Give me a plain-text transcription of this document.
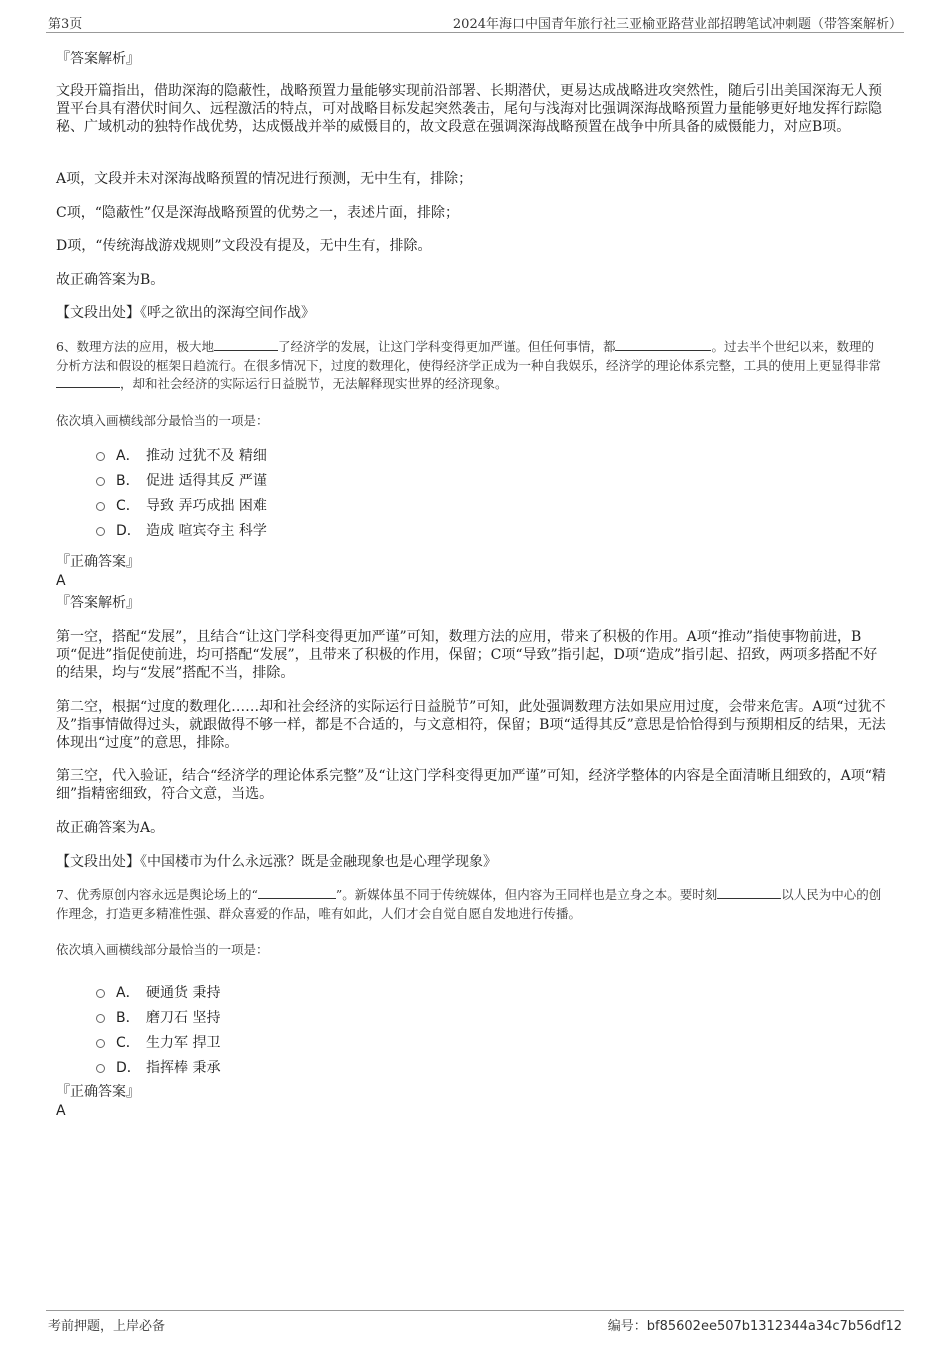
第3页	2024年海口中国青年旅行社三亚榆亚路营业部招聘笔试冲刺题（带答案解析）
『答案解析』

文段开篇指出，借助深海的隐蔽性，战略预置力量能够实现前沿部署、长期潜伏，更易达成战略进攻突然性，随后引出美国深海无人预置平台具有潜伏时间久、远程激活的特点，可对战略目标发起突然袭击，尾句与浅海对比强调深海战略预置力量能够更好地发挥行踪隐秘、广域机动的独特作战优势，达成慑战并举的威慑目的，故文段意在强调深海战略预置在战争中所具备的威慑能力，对应B项。

A项，文段并未对深海战略预置的情况进行预测，无中生有，排除；

C项，“隐蔽性”仅是深海战略预置的优势之一，表述片面，排除；

D项，“传统海战游戏规则”文段没有提及，无中生有，排除。

故正确答案为B。

【文段出处】《呼之欲出的深海空间作战》

6、数理方法的应用，极大地	了经济学的发展，让这门学科变得更加严谨。但任何事情，都	。过去半个世纪以来，数理的分析方法和假设的框架日趋流行。在很多情况下，过度的数理化，使得经济学正成为一种自我娱乐，经济学的理论体系完整，工具的使用上更显得非常，却和社会经济的实际运行日益脱节，无法解释现实世界的经济现象。

依次填入画横线部分最恰当的一项是：

A． 推动 过犹不及 精细
B． 促进 适得其反 严谨
C． 导致 弄巧成拙 困难
D． 造成 喧宾夺主 科学

『正确答案』

A

『答案解析』

第一空，搭配“发展”，且结合“让这门学科变得更加严谨”可知，数理方法的应用，带来了积极的作用。A项“推动”指使事物前进，B项“促进”指促使前进，均可搭配“发展”，且带来了积极的作用，保留；C项“导致”指引起，D项“造成”指引起、招致，两项多搭配不好的结果，均与“发展”搭配不当，排除。

第二空，根据“过度的数理化……却和社会经济的实际运行日益脱节”可知，此处强调数理方法如果应用过度，会带来危害。A项“过犹不及”指事情做得过头，就跟做得不够一样，都是不合适的，与文意相符，保留；B项“适得其反”意思是恰恰得到与预期相反的结果，无法体现出“过度”的意思，排除。

第三空，代入验证，结合“经济学的理论体系完整”及“让这门学科变得更加严谨”可知，经济学整体的内容是全面清晰且细致的，A项“精细”指精密细致，符合文意，当选。

故正确答案为A。

【文段出处】《中国楼市为什么永远涨？既是金融现象也是心理学现象》

7、优秀原创内容永远是舆论场上的“	”。新媒体虽不同于传统媒体，但内容为王同样也是立身之本。要时刻	以人民为中心的创作理念，打造更多精准性强、群众喜爱的作品，唯有如此，人们才会自觉自愿自发地进行传播。

依次填入画横线部分最恰当的一项是：

A． 硬通货 秉持
B． 磨刀石 坚持
C． 生力军 捍卫
D． 指挥棒 秉承

『正确答案』

A

考前押题，上岸必备	编号：bf85602ee507b1312344a34c7b56df12
